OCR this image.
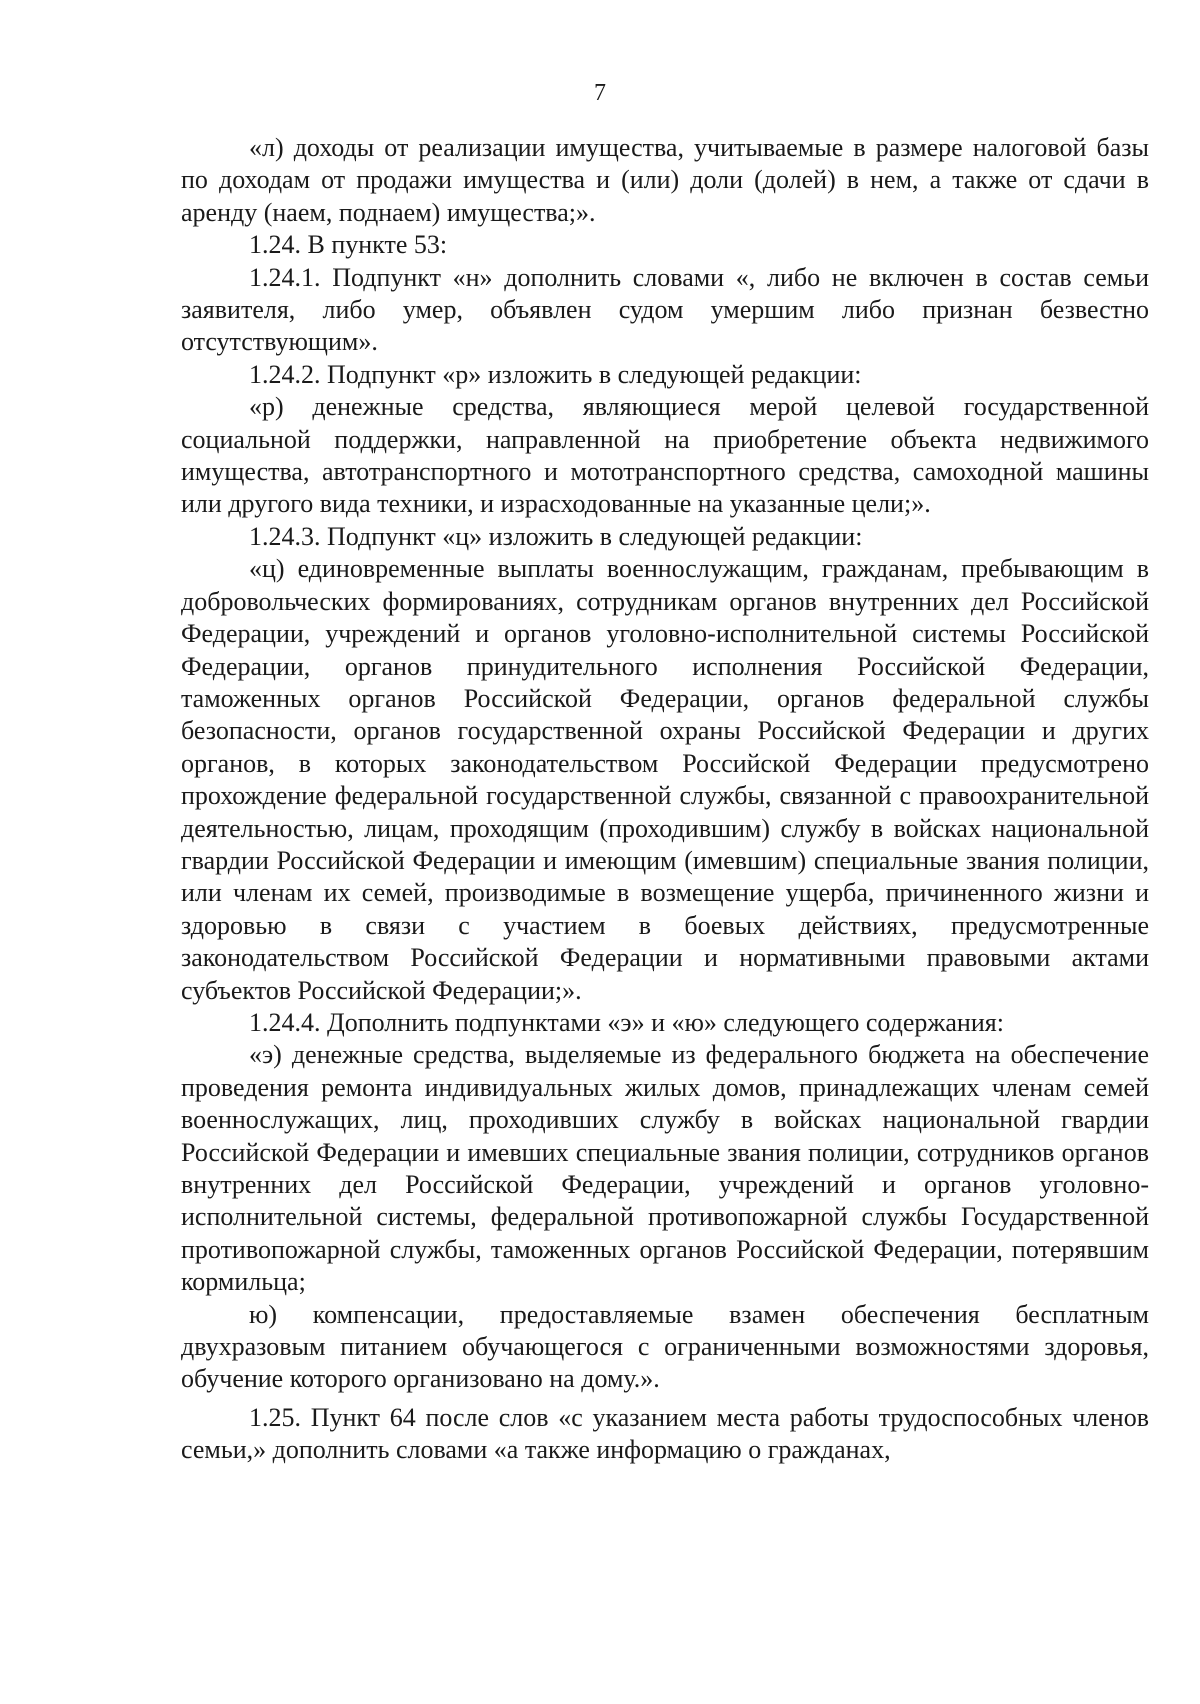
7

«л) доходы от реализации имущества, учитываемые в размере налоговой базы по доходам от продажи имущества и (или) доли (долей) в нем, а также от сдачи в аренду (наем, поднаем) имущества;».

1.24. В пункте 53:

1.24.1. Подпункт «н» дополнить словами «, либо не включен в состав семьи заявителя, либо умер, объявлен судом умершим либо признан безвестно отсутствующим».

1.24.2. Подпункт «р» изложить в следующей редакции:

«р) денежные средства, являющиеся мерой целевой государственной социальной поддержки, направленной на приобретение объекта недвижимого имущества, автотранспортного и мототранспортного средства, самоходной машины или другого вида техники, и израсходованные на указанные цели;».

1.24.3. Подпункт «ц» изложить в следующей редакции:

«ц) единовременные выплаты военнослужащим, гражданам, пребывающим в добровольческих формированиях, сотрудникам органов внутренних дел Российской Федерации, учреждений и органов уголовно-исполнительной системы Российской Федерации, органов принудительного исполнения Российской Федерации, таможенных органов Российской Федерации, органов федеральной службы безопасности, органов государственной охраны Российской Федерации и других органов, в которых законодательством Российской Федерации предусмотрено прохождение федеральной государственной службы, связанной с правоохранительной деятельностью, лицам, проходящим (проходившим) службу в войсках национальной гвардии Российской Федерации и имеющим (имевшим) специальные звания полиции, или членам их семей, производимые в возмещение ущерба, причиненного жизни и здоровью в связи с участием в боевых действиях, предусмотренные законодательством Российской Федерации и нормативными правовыми актами субъектов Российской Федерации;».

1.24.4. Дополнить подпунктами «э» и «ю» следующего содержания:

«э) денежные средства, выделяемые из федерального бюджета на обеспечение проведения ремонта индивидуальных жилых домов, принадлежащих членам семей военнослужащих, лиц, проходивших службу в войсках национальной гвардии Российской Федерации и имевших специальные звания полиции, сотрудников органов внутренних дел Российской Федерации, учреждений и органов уголовно-исполнительной системы, федеральной противопожарной службы Государственной противопожарной службы, таможенных органов Российской Федерации, потерявшим кормильца;

ю) компенсации, предоставляемые взамен обеспечения бесплатным двухразовым питанием обучающегося с ограниченными возможностями здоровья, обучение которого организовано на дому.».

1.25. Пункт 64 после слов «с указанием места работы трудоспособных членов семьи,» дополнить словами «а также информацию о гражданах,
